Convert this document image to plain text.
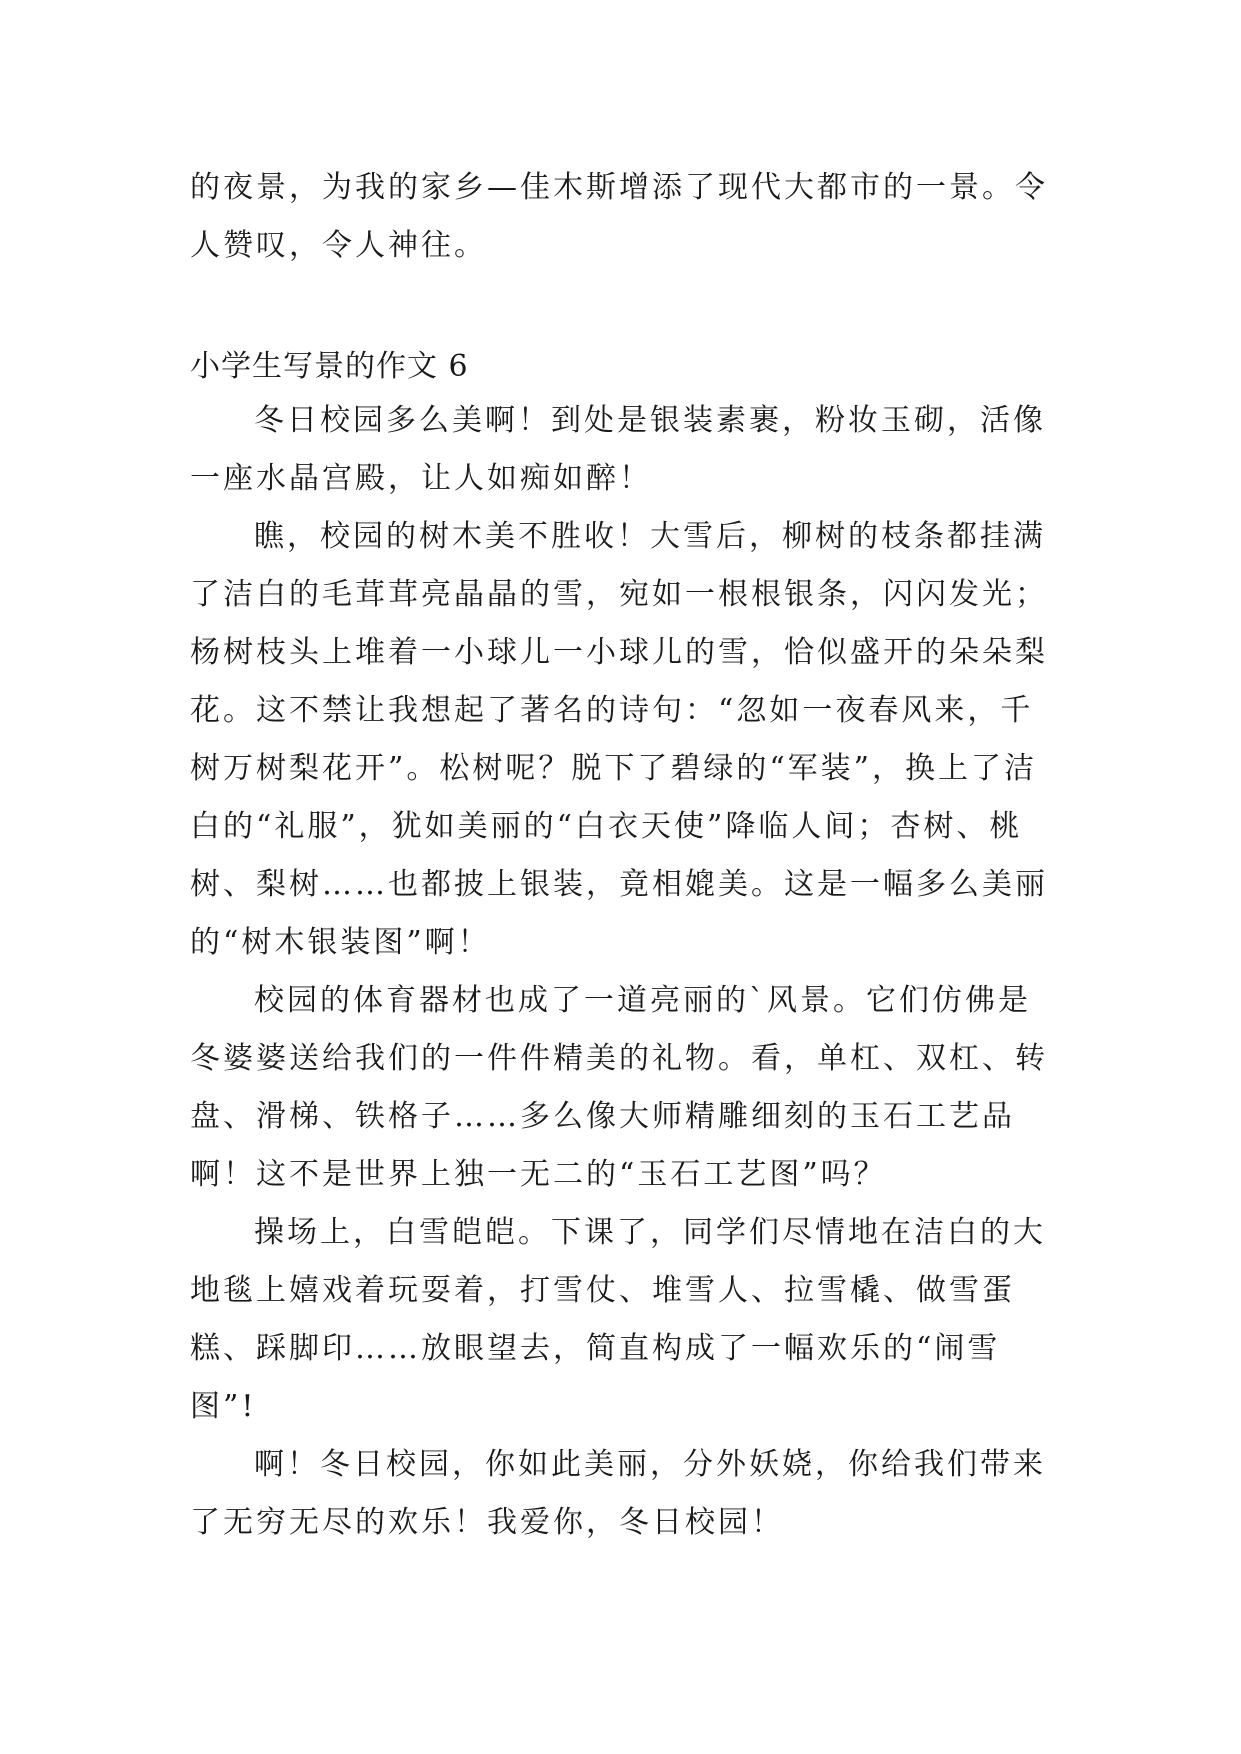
的夜景，为我的家乡—佳木斯增添了现代大都市的一景。令人赞叹，令人神往。

小学生写景的作文 6

冬日校园多么美啊！到处是银装素裹，粉妆玉砌，活像一座水晶宫殿，让人如痴如醉！

瞧，校园的树木美不胜收！大雪后，柳树的枝条都挂满了洁白的毛茸茸亮晶晶的雪，宛如一根根银条，闪闪发光；杨树枝头上堆着一小球儿一小球儿的雪，恰似盛开的朵朵梨花。这不禁让我想起了著名的诗句：“忽如一夜春风来，千树万树梨花开”。松树呢？脱下了碧绿的“军装”，换上了洁白的“礼服”，犹如美丽的“白衣天使”降临人间；杏树、桃树、梨树……也都披上银装，竟相媲美。这是一幅多么美丽的“树木银装图”啊！

校园的体育器材也成了一道亮丽的`风景。它们仿佛是冬婆婆送给我们的一件件精美的礼物。看，单杠、双杠、转盘、滑梯、铁格子……多么像大师精雕细刻的玉石工艺品啊！这不是世界上独一无二的“玉石工艺图”吗？

操场上，白雪皑皑。下课了，同学们尽情地在洁白的大地毯上嬉戏着玩耍着，打雪仗、堆雪人、拉雪橇、做雪蛋糕、踩脚印……放眼望去，简直构成了一幅欢乐的“闹雪图”!

啊！冬日校园，你如此美丽，分外妖娆，你给我们带来了无穷无尽的欢乐！我爱你，冬日校园！
